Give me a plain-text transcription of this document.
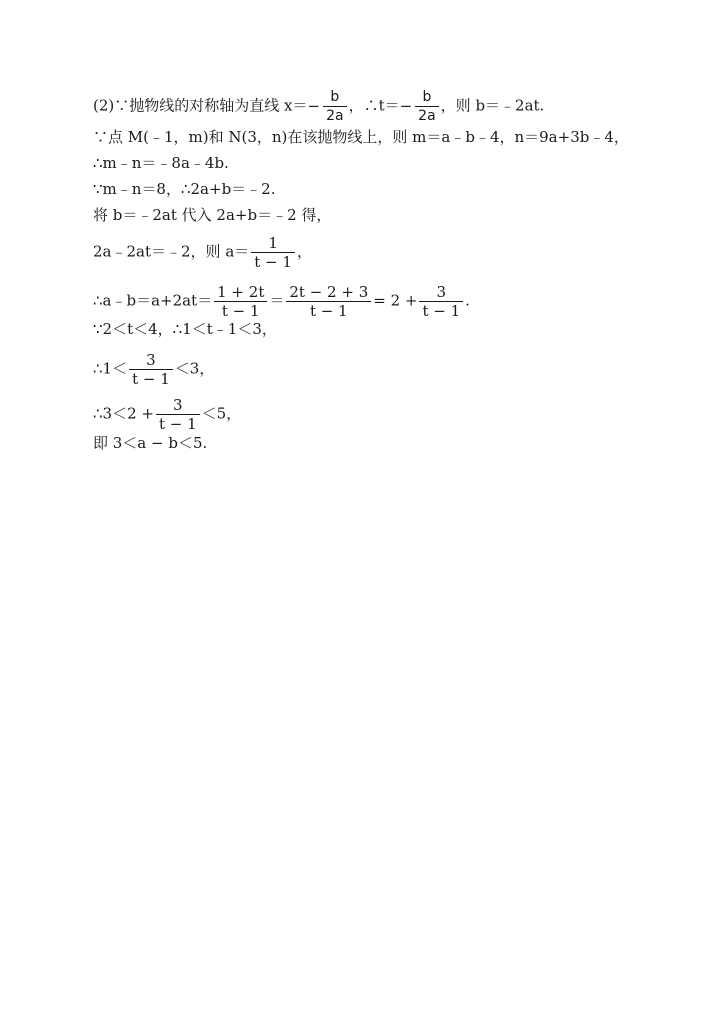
(2)∵抛物线的对称轴为直线 $x=- \frac{b}{2a}$ ，∴t＝− $\frac{b}{2a}$ ，则 b＝﹣2at.
∵点 M(﹣1，m)和 N(3，n)在该抛物线上，则 m＝a﹣b﹣4，n＝9a+3b﹣4，
∴m﹣n＝﹣8a﹣4b.
∵m﹣n＝8，∴2a+b＝﹣2.
将 b＝﹣2at 代入 2a+b＝﹣2 得，
2a﹣2at＝﹣2，则 $a= \frac{1}{t - 1}$ ，
∴a﹣b＝a+2at＝ $\frac{1 + 2t}{t - 1} = \frac{2t - 2 + 3}{t - 1} = 2 + \frac{3}{t - 1}$ .
∵2＜t＜4，∴1＜t﹣1＜3，
∴1＜ $\frac{3}{t - 1} <3$，
∴3＜2 + $\frac{3}{t - 1} <5$，
即 3＜a − b＜5.
